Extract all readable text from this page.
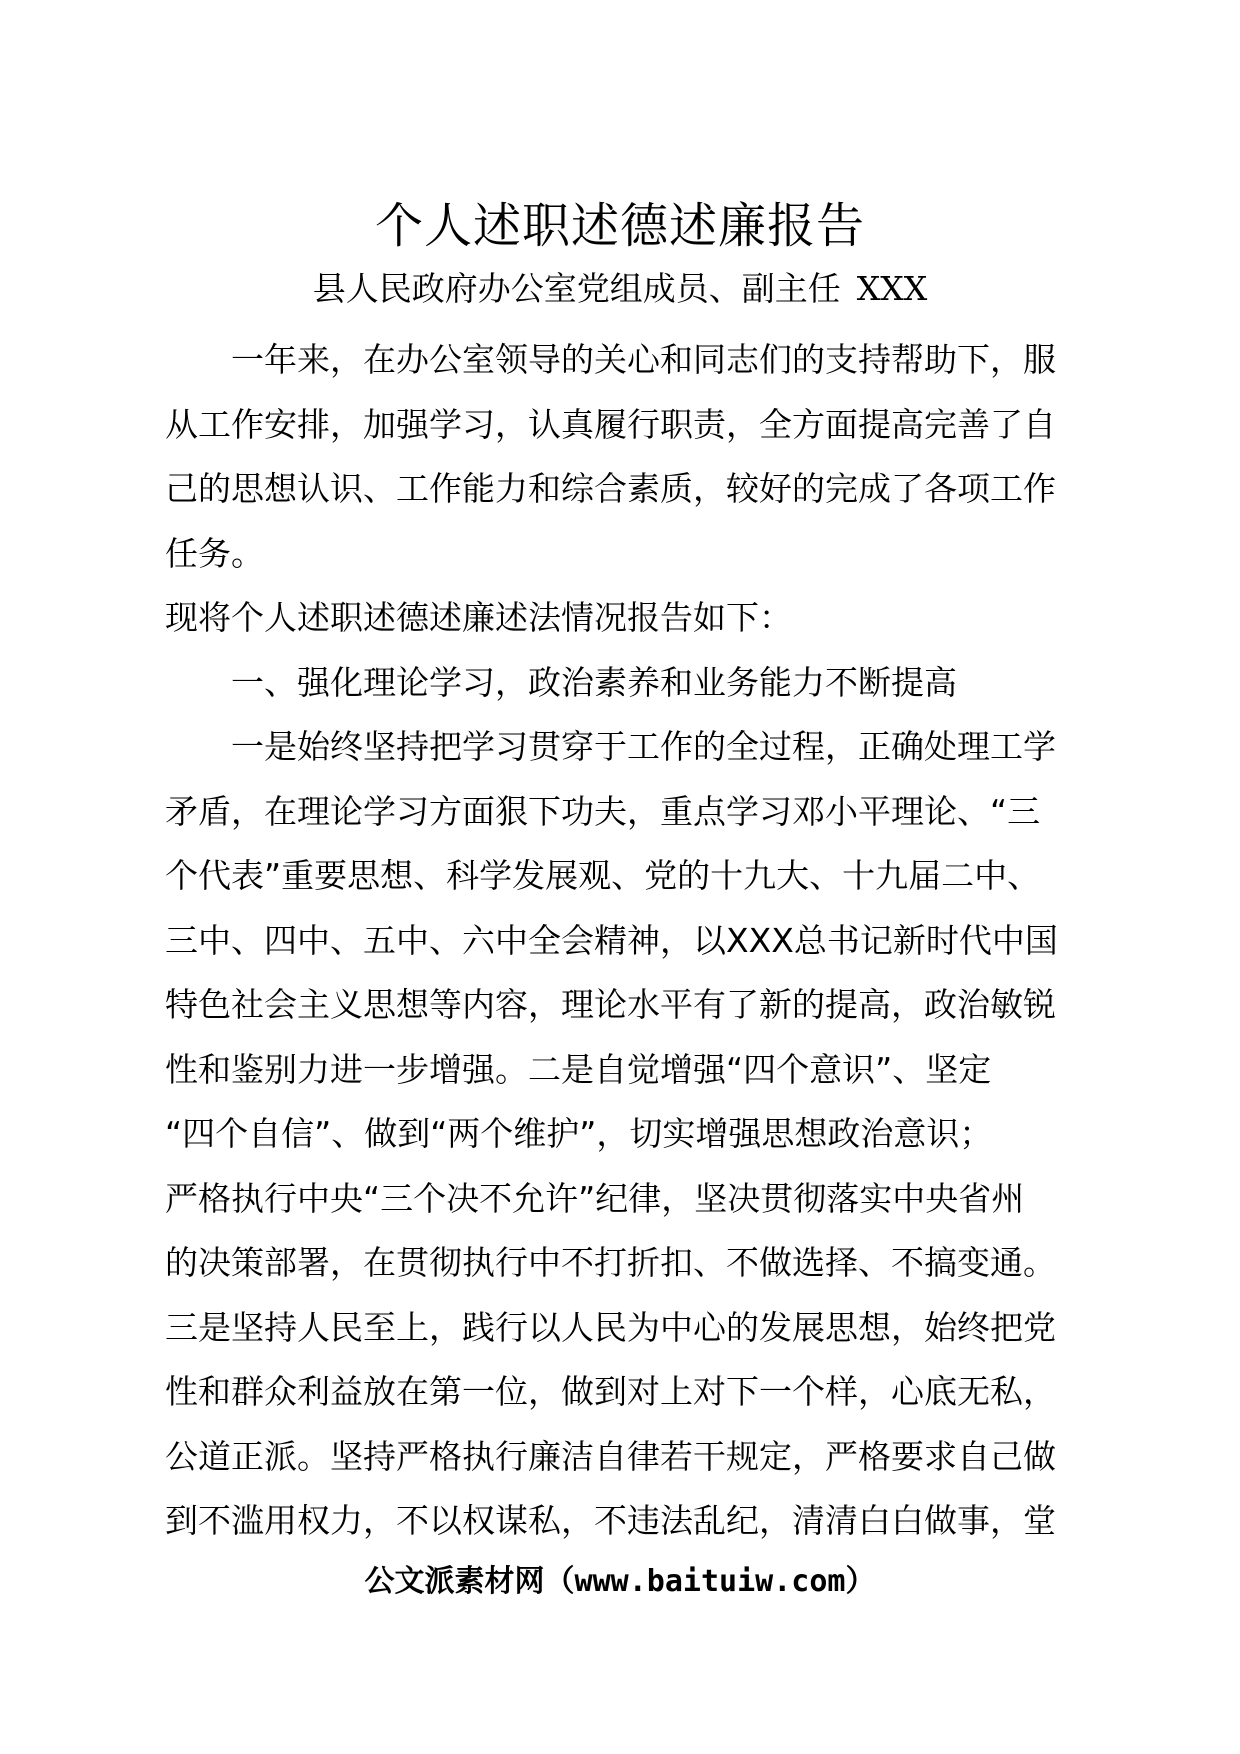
个人述职述德述廉报告
县人民政府办公室党组成员、副主任 XXX
一年来，在办公室领导的关心和同志们的支持帮助下，服
从工作安排，加强学习，认真履行职责，全方面提高完善了自
己的思想认识、工作能力和综合素质，较好的完成了各项工作
任务。
现将个人述职述德述廉述法情况报告如下：
一、强化理论学习，政治素养和业务能力不断提高
一是始终坚持把学习贯穿于工作的全过程，正确处理工学
矛盾，在理论学习方面狠下功夫，重点学习邓小平理论、“三
个代表”重要思想、科学发展观、党的十九大、十九届二中、
三中、四中、五中、六中全会精神，以XXX总书记新时代中国
特色社会主义思想等内容，理论水平有了新的提高，政治敏锐
性和鉴别力进一步增强。二是自觉增强“四个意识”、坚定
“四个自信”、做到“两个维护”，切实增强思想政治意识；
严格执行中央“三个决不允许”纪律，坚决贯彻落实中央省州
的决策部署，在贯彻执行中不打折扣、不做选择、不搞变通。
三是坚持人民至上，践行以人民为中心的发展思想，始终把党
性和群众利益放在第一位，做到对上对下一个样，心底无私，
公道正派。坚持严格执行廉洁自律若干规定，严格要求自己做
到不滥用权力，不以权谋私，不违法乱纪，清清白白做事，堂
公文派素材网（www.baituiw.com）
